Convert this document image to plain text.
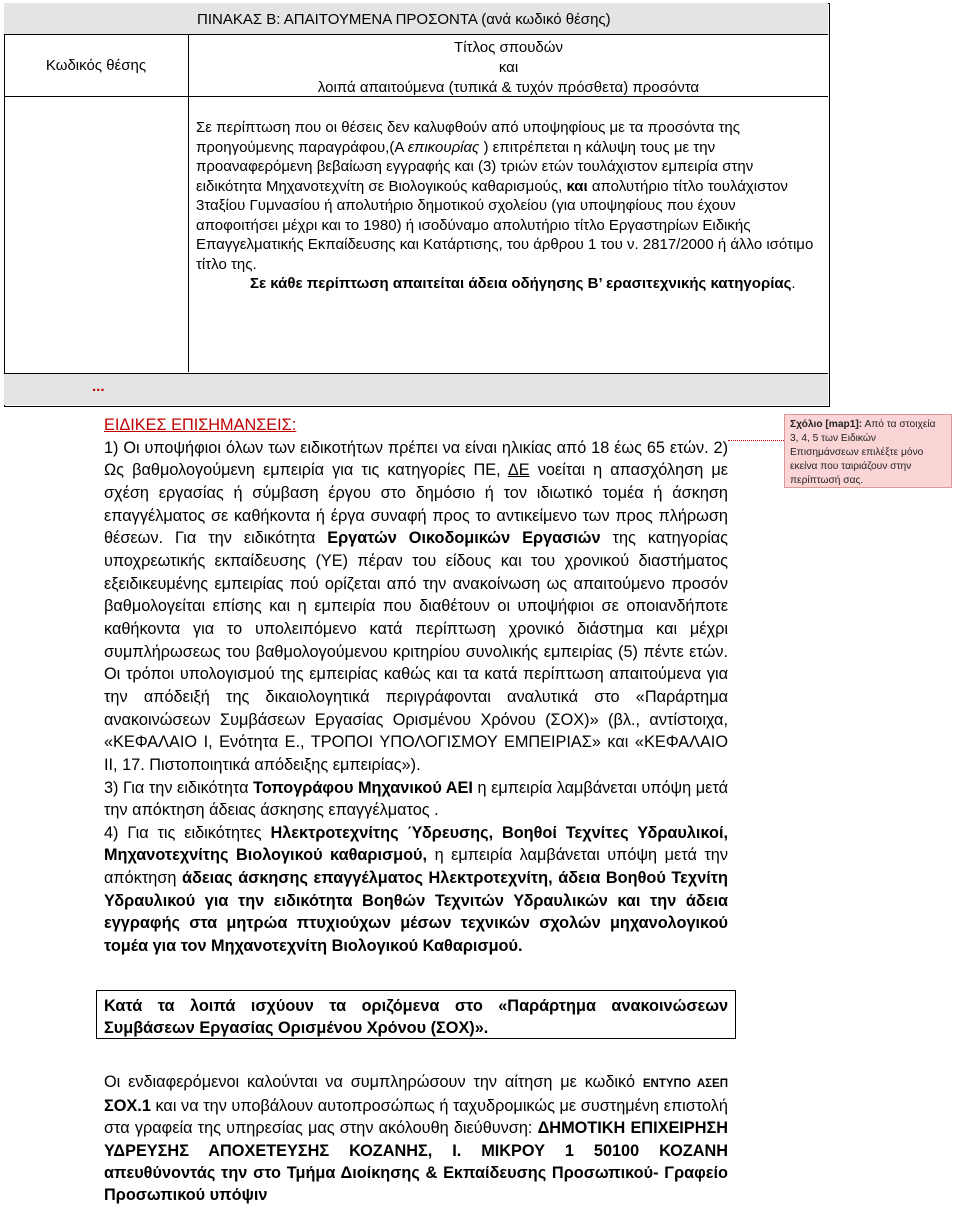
ΠΙΝΑΚΑΣ Β: ΑΠΑΙΤΟΥΜΕΝΑ ΠΡΟΣΟΝΤΑ (ανά κωδικό θέσης)
Κωδικός θέσης
Τίτλος σπουδών
και
λοιπά απαιτούμενα (τυπικά & τυχόν πρόσθετα) προσόντα
Σε περίπτωση που οι θέσεις δεν καλυφθούν από υποψηφίους με τα προσόντα της προηγούμενης παραγράφου,(Α επικουρίας ) επιτρέπεται η κάλυψη τους με την προαναφερόμενη βεβαίωση εγγραφής και (3) τριών ετών τουλάχιστον εμπειρία στην ειδικότητα Μηχανοτεχνίτη σε Βιολογικούς καθαρισμούς, και απολυτήριο τίτλο τουλάχιστον 3ταξίου Γυμνασίου ή απολυτήριο δημοτικού σχολείου (για υποψηφίους που έχουν αποφοιτήσει μέχρι και το 1980) ή ισοδύναμο απολυτήριο τίτλο Εργαστηρίων Ειδικής Επαγγελματικής Εκπαίδευσης και Κατάρτισης, του άρθρου 1 του ν. 2817/2000 ή άλλο ισότιμο τίτλο της.
Σε κάθε περίπτωση απαιτείται άδεια οδήγησης Β’ ερασιτεχνικής κατηγορίας.
...

ΕΙΔΙΚΕΣ ΕΠΙΣΗΜΑΝΣΕΙΣ:

1) Οι υποψήφιοι όλων των ειδικοτήτων πρέπει να είναι ηλικίας από 18 έως 65 ετών. 2) Ως βαθμολογούμενη εμπειρία για τις κατηγορίες ΠΕ, ΔΕ νοείται η απασχόληση με σχέση εργασίας ή σύμβαση έργου στο δημόσιο ή τον ιδιωτικό τομέα ή άσκηση επαγγέλματος σε καθήκοντα ή έργα συναφή προς το αντικείμενο των προς πλήρωση θέσεων. Για την ειδικότητα Εργατών Οικοδομικών Εργασιών της κατηγορίας υποχρεωτικής εκπαίδευσης (ΥΕ) πέραν του είδους και του χρονικού διαστήματος εξειδικευμένης εμπειρίας πού ορίζεται από την ανακοίνωση ως απαιτούμενο προσόν βαθμολογείται επίσης και η εμπειρία που διαθέτουν οι υποψήφιοι σε οποιανδήποτε καθήκοντα για το υπολειπόμενο κατά περίπτωση χρονικό διάστημα και μέχρι συμπλήρωσεως του βαθμολογούμενου κριτηρίου συνολικής εμπειρίας (5) πέντε ετών. Οι τρόποι υπολογισμού της εμπειρίας καθώς και τα κατά περίπτωση απαιτούμενα για την απόδειξή της δικαιολογητικά περιγράφονται αναλυτικά στο «Παράρτημα ανακοινώσεων Συμβάσεων Εργασίας Ορισμένου Χρόνου (ΣΟΧ)» (βλ., αντίστοιχα, «ΚΕΦΑΛΑΙΟ Ι, Ενότητα Ε., ΤΡΟΠΟΙ ΥΠΟΛΟΓΙΣΜΟΥ ΕΜΠΕΙΡΙΑΣ» και «ΚΕΦΑΛΑΙΟ ΙΙ, 17. Πιστοποιητικά απόδειξης εμπειρίας»).

3) Για την ειδικότητα Τοπογράφου Μηχανικού ΑΕΙ η εμπειρία λαμβάνεται υπόψη μετά την απόκτηση άδειας άσκησης επαγγέλματος .

4) Για τις ειδικότητες Ηλεκτροτεχνίτης Ύδρευσης, Βοηθοί Τεχνίτες Υδραυλικοί, Μηχανοτεχνίτης Βιολογικού καθαρισμού, η εμπειρία λαμβάνεται υπόψη μετά την απόκτηση άδειας άσκησης επαγγέλματος Ηλεκτροτεχνίτη, άδεια Βοηθού Τεχνίτη Υδραυλικού για την ειδικότητα Βοηθών Τεχνιτών Υδραυλικών και την άδεια εγγραφής στα μητρώα πτυχιούχων μέσων τεχνικών σχολών μηχανολογικού τομέα για τον Μηχανοτεχνίτη Βιολογικού Καθαρισμού.

Σχόλιο [map1]: Από τα στοιχεία 3, 4, 5 των Ειδικών Επισημάνσεων επιλέξτε μόνο εκείνα που ταιριάζουν στην περίπτωσή σας.

Κατά τα λοιπά ισχύουν τα οριζόμενα στο «Παράρτημα ανακοινώσεων Συμβάσεων Εργασίας Ορισμένου Χρόνου (ΣΟΧ)».

Οι ενδιαφερόμενοι καλούνται να συμπληρώσουν την αίτηση με κωδικό ΕΝΤΥΠΟ ΑΣΕΠ ΣΟΧ.1 και να την υποβάλουν αυτοπροσώπως ή ταχυδρομικώς με συστημένη επιστολή στα γραφεία της υπηρεσίας μας στην ακόλουθη διεύθυνση: ΔΗΜΟΤΙΚΗ ΕΠΙΧΕΙΡΗΣΗ ΥΔΡΕΥΣΗΣ ΑΠΟΧΕΤΕΥΣΗΣ ΚΟΖΑΝΗΣ, Ι. ΜΙΚΡΟΥ 1 50100 ΚΟΖΑΝΗ απευθύνοντάς την στο Τμήμα Διοίκησης & Εκπαίδευσης Προσωπικού- Γραφείο Προσωπικού υπόψιν
